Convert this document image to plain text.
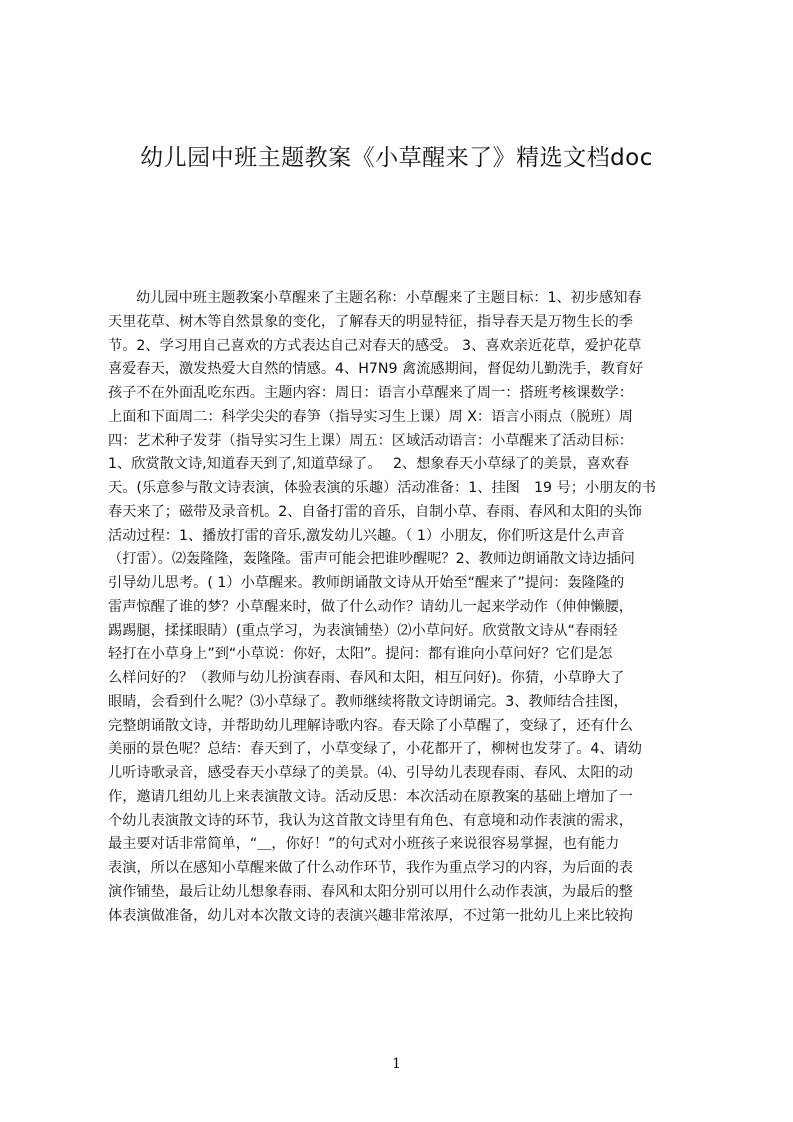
幼儿园中班主题教案《小草醒来了》精选文档doc
幼儿园中班主题教案小草醒来了主题名称：小草醒来了主题目标：1、初步感知春
天里花草、树木等自然景象的变化，了解春天的明显特征，指导春天是万物生长的季
节。2、学习用自己喜欢的方式表达自己对春天的感受。 3、喜欢亲近花草，爱护花草
喜爱春天，激发热爱大自然的情感。4、H7N9 禽流感期间，督促幼儿勤洗手，教育好
孩子不在外面乱吃东西。主题内容：周日：语言小草醒来了周一：搭班考核课数学：
上面和下面周二：科学尖尖的春笋（指导实习生上课）周 X：语言小雨点（脱班）周
四：艺术种子发芽（指导实习生上课）周五：区域活动语言：小草醒来了活动目标：
1、欣赏散文诗,知道春天到了,知道草绿了。　 2、想象春天小草绿了的美景，喜欢春
天。(乐意参与散文诗表演，体验表演的乐趣）活动准备：1、挂图　19 号；小朋友的书
春天来了；磁带及录音机。2、自备打雷的音乐，自制小草、春雨、春风和太阳的头饰
活动过程：1、播放打雷的音乐,激发幼儿兴趣。（ 1）小朋友，你们听这是什么声音
（打雷）。⑵轰隆隆，轰隆隆。雷声可能会把谁吵醒呢？2、教师边朗诵散文诗边插问
引导幼儿思考。( 1）小草醒来。教师朗诵散文诗从开始至“醒来了”提问：轰隆隆的
雷声惊醒了谁的梦？小草醒来时，做了什么动作？请幼儿一起来学动作（伸伸懒腰，
踢踢腿，揉揉眼睛）(重点学习，为表演铺垫）⑵小草问好。欣赏散文诗从“春雨轻
轻打在小草身上”到“小草说：你好，太阳”。提问：都有谁向小草问好？它们是怎
么样问好的？（教师与幼儿扮演春雨、春风和太阳，相互问好)。你猜，小草睁大了
眼睛，会看到什么呢？⑶小草绿了。教师继续将散文诗朗诵完。3、教师结合挂图，
完整朗诵散文诗，并帮助幼儿理解诗歌内容。春天除了小草醒了，变绿了，还有什么
美丽的景色呢？总结：春天到了，小草变绿了，小花都开了，柳树也发芽了。4、请幼
儿听诗歌录音，感受春天小草绿了的美景。⑷、引导幼儿表现春雨、春风、太阳的动
作，邀请几组幼儿上来表演散文诗。活动反思：本次活动在原教案的基础上增加了一
个幼儿表演散文诗的环节，我认为这首散文诗里有角色、有意境和动作表演的需求，
最主要对话非常简单，“＿，你好！”的句式对小班孩子来说很容易掌握，也有能力
表演，所以在感知小草醒来做了什么动作环节，我作为重点学习的内容，为后面的表
演作铺垫，最后让幼儿想象春雨、春风和太阳分别可以用什么动作表演，为最后的整
体表演做准备，幼儿对本次散文诗的表演兴趣非常浓厚，不过第一批幼儿上来比较拘
1
